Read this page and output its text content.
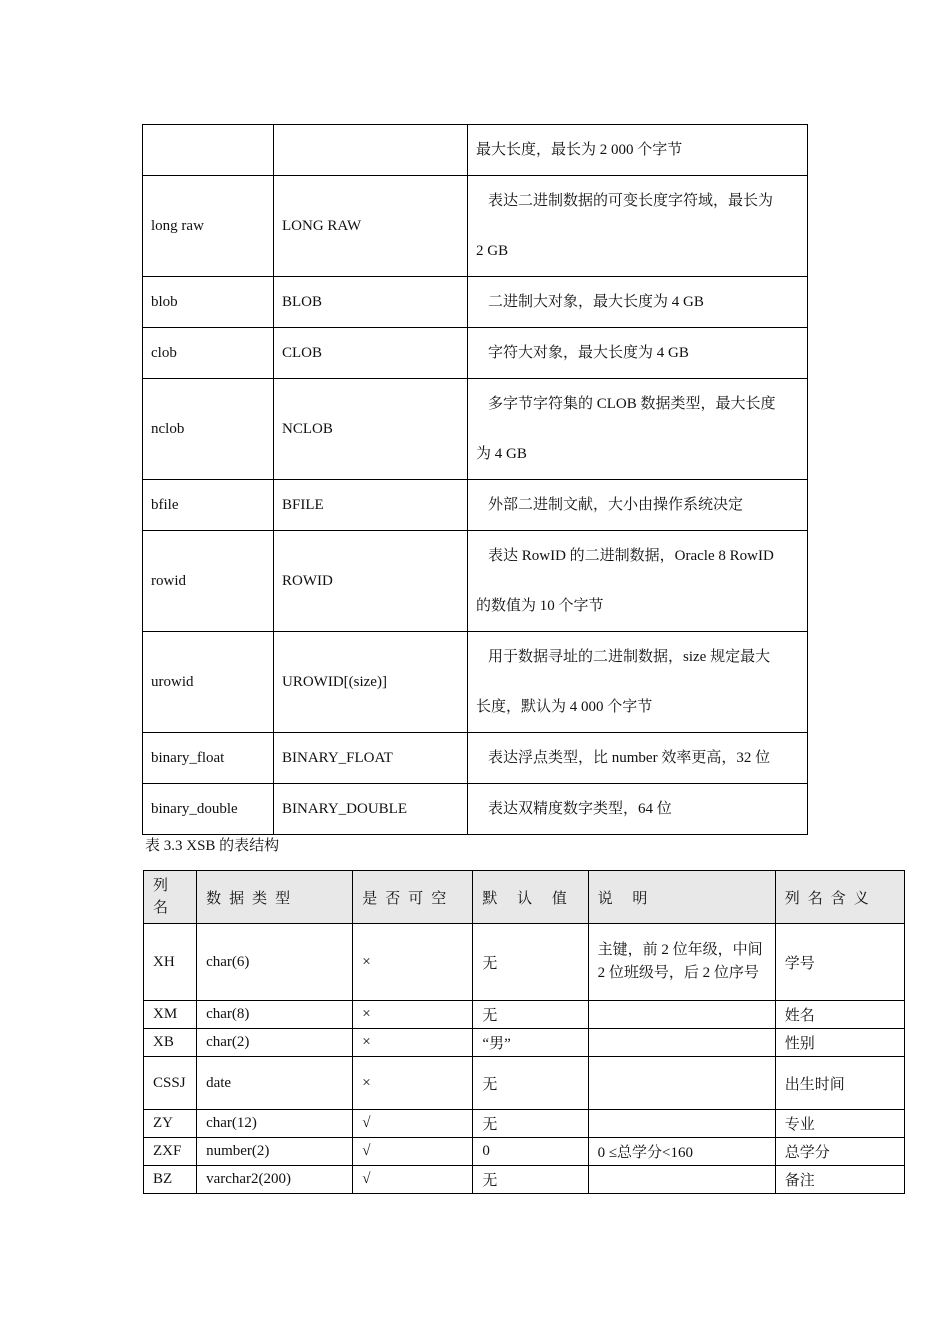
		最大长度，最长为 2 000 个字节
long raw	LONG RAW	表达二进制数据的可变长度字符域，最长为
2 GB
blob	BLOB	二进制大对象，最大长度为 4 GB
clob	CLOB	字符大对象，最大长度为 4 GB
nclob	NCLOB	多字节字符集的 CLOB 数据类型，最大长度
为 4 GB
bfile	BFILE	外部二进制文献，大小由操作系统决定
rowid	ROWID	表达 RowID 的二进制数据，Oracle 8 RowID
的数值为 10 个字节
urowid	UROWID[(size)]	用于数据寻址的二进制数据，size 规定最大
长度，默认为 4 000 个字节
binary_float	BINARY_FLOAT	表达浮点类型，比 number 效率更高，32 位
binary_double	BINARY_DOUBLE	表达双精度数字类型，64 位
表 3.3 XSB 的表结构
列
名	数据类型	是否可空	默 认 值	说 明	列名含义
XH	char(6)	×	无	主键，前 2 位年级，中间 2 位班级号，后 2 位序号	学号
XM	char(8)	×	无		姓名
XB	char(2)	×	“男”		性别
CSSJ	date	×	无		出生时间
ZY	char(12)	√	无		专业
ZXF	number(2)	√	0	0 ≤总学分<160	总学分
BZ	varchar2(200)	√	无		备注
